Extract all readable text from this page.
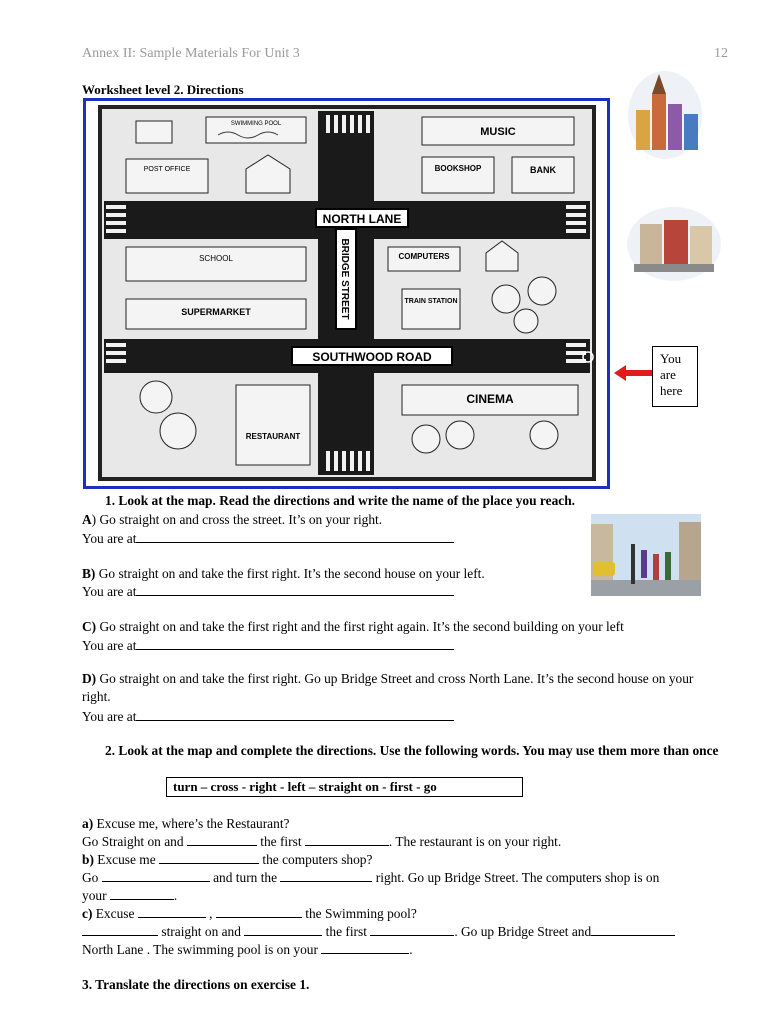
Annex II: Sample Materials For Unit 3	12
Worksheet level 2. Directions
NORTH LANE
SOUTHWOOD ROAD
BRIDGE STREET
SWIMMING POOL
POST OFFICE
MUSIC
BOOKSHOP	BANK
SCHOOL
SUPERMARKET
COMPUTERS
TRAIN STATION
RESTAURANT
CINEMA
You are here
1. Look at the map. Read the directions and write the name of the place you reach.
A) Go straight on and cross the street. It’s on your right.
You are at
B) Go straight on and take the first right. It’s the second house on your left.
You are at
C) Go straight on and take the first right and the first right again. It’s the second building on your left
You are at
D) Go straight on and take the first right. Go up Bridge Street and cross North Lane. It’s the second house on your right.
You are at
2. Look at the map and complete the directions. Use the following words. You may use them more than once
turn – cross - right - left – straight on - first - go
a) Excuse me, where’s the Restaurant?
Go Straight on and	the first	. The restaurant is on your right.
b) Excuse me	the computers shop?
Go	and turn the	right. Go up Bridge Street. The computers shop is on
your	.
c) Excuse	,	the Swimming pool?
straight on and	the first	. Go up Bridge Street and
North Lane . The swimming pool is on your	.
3. Translate the directions on exercise 1.
